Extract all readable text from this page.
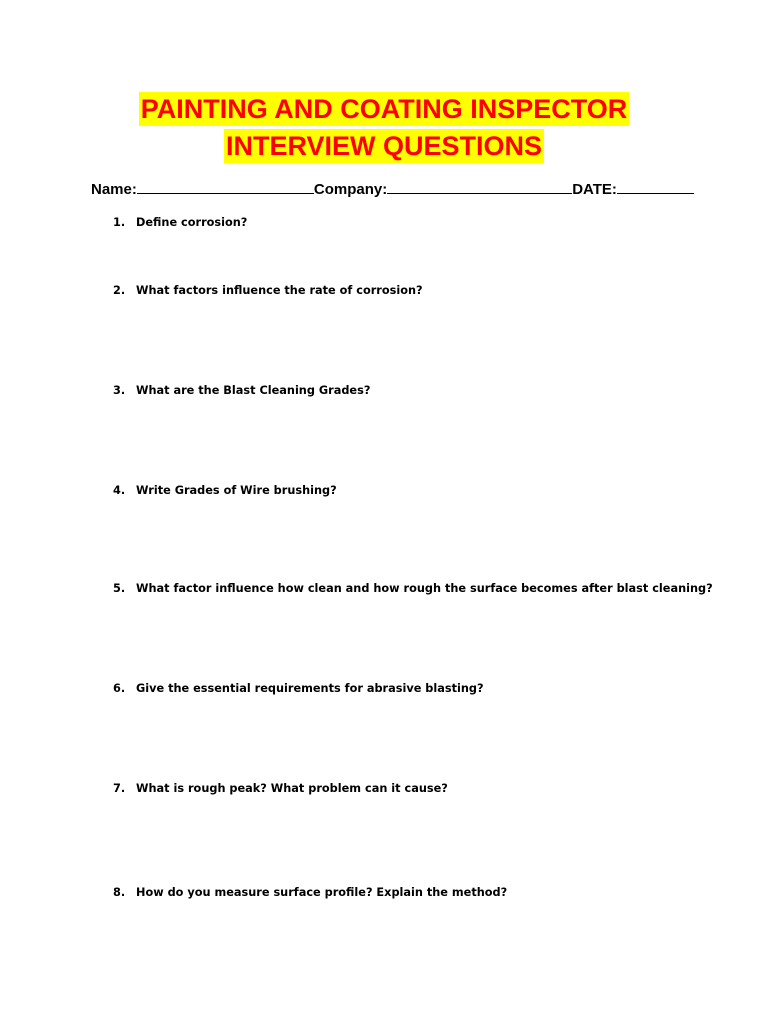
PAINTING AND COATING INSPECTOR
INTERVIEW QUESTIONS
Name:	Company:	DATE:
1. Define corrosion?
2. What factors influence the rate of corrosion?
3. What are the Blast Cleaning Grades?
4. Write Grades of Wire brushing?
5. What factor influence how clean and how rough the surface becomes after blast cleaning?
6. Give the essential requirements for abrasive blasting?
7. What is rough peak? What problem can it cause?
8. How do you measure surface profile? Explain the method?
